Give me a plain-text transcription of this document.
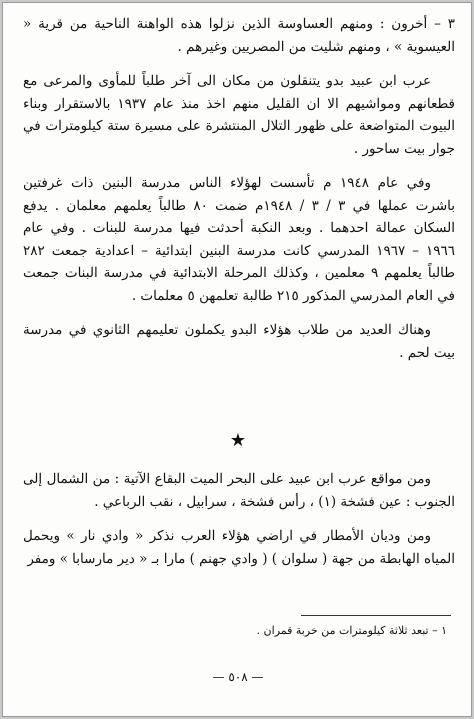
٣ – أخرون : ومنهم العساوسة الذين نزلوا هذه الواهنة الناحية من قرية « العيسوية » ، ومنهم شليت من المصريين وغيرهم .

عرب ابن عبيد بدو يتنقلون من مكان الى آخر طلباً للمأوى والمرعى مع قطعانهم ومواشيهم الا ان القليل منهم اخذ منذ عام ١٩٣٧ بالاستقرار وبناء البيوت المتواضعة على ظهور التلال المنتشرة على مسيرة ستة كيلومترات في جوار بيت ساحور .

وفي عام ١٩٤٨ م تأسست لهؤلاء الناس مدرسة البنين ذات غرفتين باشرت عملها في ٣ / ٣ / ١٩٤٨م ضمت ٨٠ طالباً يعلمهم معلمان . يدفع السكان عمالة احدهما . وبعد النكبة أحدثت فيها مدرسة للبنات . وفي عام ١٩٦٦ – ١٩٦٧ المدرسي كانت مدرسة البنين ابتدائية – اعدادية جمعت ٢٨٢ طالباً يعلمهم ٩ معلمين ، وكذلك المرحلة الابتدائية في مدرسة البنات جمعت في العام المدرسي المذكور ٢١٥ طالبة تعلمهن ٥ معلمات .

وهناك العديد من طلاب هؤلاء البدو يكملون تعليمهم الثانوي في مدرسة بيت لحم .

★

ومن مواقع عرب ابن عبيد على البحر الميت البقاع الآتية : من الشمال إلى الجنوب : عين فشخة (١) ، رأس فشخة ، سرابيل ، نقب الرباعي .

ومن وديان الأمطار في اراضي هؤلاء العرب نذكر « وادي نار » ويحمل المياه الهابطة من جهة ( سلوان ) ( وادي جهنم ) مارا بـ « دير مارسابا » ومفر

١ – تبعد ثلاثة كيلومترات من خربة قمران .
— ٥٠٨ —
